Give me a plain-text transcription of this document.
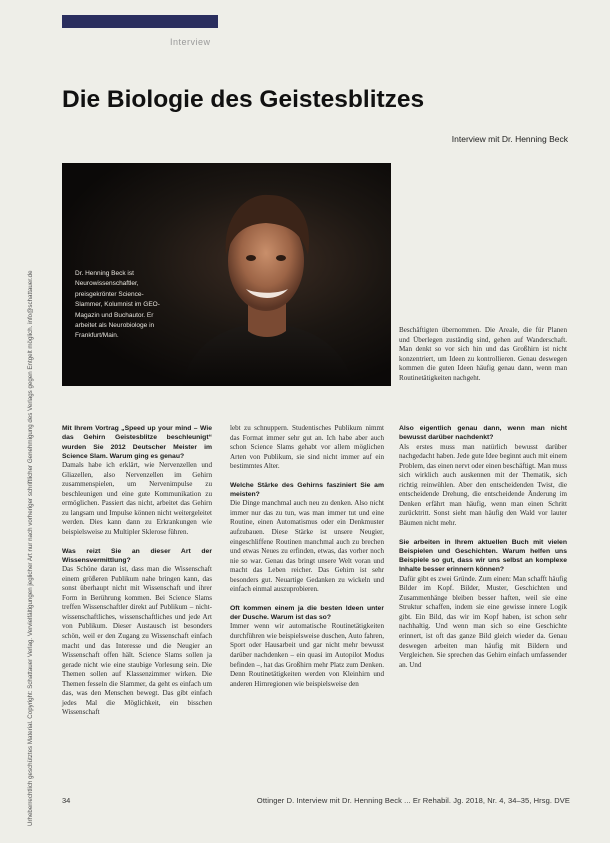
Interview
Urheberrechtlich geschütztes Material. Copyright: Schattauer Verlag. Vervielfältigungen jeglicher Art nur nach vorheriger schriftlicher Genehmigung des Verlags gegen Entgelt möglich. info@schattauer.de
Die Biologie des Geistesblitzes
Interview mit Dr. Henning Beck
Dr. Henning Beck ist Neurowissenschaftler, preisgekrönter Science-Slammer, Kolumnist im GEO-Magazin und Buchautor. Er arbeitet als Neurobiologe in Frankfurt/Main.

Beschäftigten übernommen. Die Areale, die für Planen und Überlegen zuständig sind, gehen auf Wanderschaft. Man denkt so vor sich hin und das Großhirn ist nicht konzentriert, um Ideen zu kontrollieren. Genau deswegen kommen die guten Ideen häufig genau dann, wenn man Routinetätigkeiten nachgeht.

Mit Ihrem Vortrag „Speed up your mind – Wie das Gehirn Geistesblitze beschleunigt“ wurden Sie 2012 Deutscher Meister im Science Slam. Warum ging es genau?

Damals habe ich erklärt, wie Nervenzellen und Gliazellen, also Nervenzellen im Gehirn zusammenspielen, um Nervenimpulse zu beschleunigen und eine gute Kommunikation zu ermöglichen. Passiert das nicht, arbeitet das Gehirn zu langsam und Impulse können nicht weitergeleitet werden. Dies kann dann zu Erkrankungen wie beispielsweise zu Multipler Sklerose führen.

Was reizt Sie an dieser Art der Wissensvermittlung?

Das Schöne daran ist, dass man die Wissenschaft einem größeren Publikum nahe bringen kann, das sonst überhaupt nicht mit Wissenschaft und ihrer Form in Berührung kommen. Bei Science Slams treffen Wissenschaftler direkt auf Publikum – nicht-wissenschaftliches, wissenschaftliches und jede Art von Publikum. Dieser Austausch ist besonders schön, weil er den Zugang zu Wissenschaft einfach macht und das Interesse und die Neugier an Wissenschaft offen hält. Science Slams sollen ja gerade nicht wie eine staubige Vorlesung sein. Die Themen sollen auf Klassenzimmer wirken. Die Themen fesseln die Slammer, da geht es einfach um das, was den Menschen bewegt. Das gibt einfach jedes Mal die Möglichkeit, ein bisschen Wissenschaft

lebt zu schnuppern. Studentisches Publikum nimmt das Format immer sehr gut an. Ich habe aber auch schon Science Slams gehabt vor allem möglichen Arten von Publikum, sie sind nicht immer auf ein bestimmtes Alter.

Welche Stärke des Gehirns fasziniert Sie am meisten?

Die Dinge manchmal auch neu zu denken. Also nicht immer nur das zu tun, was man immer tut und eine Routine, einen Automatismus oder ein Denkmuster aufzubauen. Diese Stärke ist unsere Neugier, eingeschliffene Routinen manchmal auch zu brechen und etwas Neues zu erfinden, etwas, das vorher noch nie so war. Genau das bringt unsere Welt voran und macht das Leben reicher. Das Gehirn ist sehr besonders gut. Neuartige Gedanken zu wickeln und einfach einmal auszuprobieren.

Oft kommen einem ja die besten Ideen unter der Dusche. Warum ist das so?

Immer wenn wir automatische Routinetätigkeiten durchführen wie beispielsweise duschen, Auto fahren, Sport oder Hausarbeit und gar nicht mehr bewusst darüber nachdenken – ein quasi im Autopilot Modus befinden –, hat das Großhirn mehr Platz zum Denken. Denn Routinetätigkeiten werden von Kleinhirn und anderen Hirnregionen wie beispielsweise den

Also eigentlich genau dann, wenn man nicht bewusst darüber nachdenkt?

Als erstes muss man natürlich bewusst darüber nachgedacht haben. Jede gute Idee beginnt auch mit einem Problem, das einen nervt oder einen beschäftigt. Man muss sich wirklich auch auskennen mit der Thematik, sich richtig reinwühlen. Aber den entscheidenden Twist, die entscheidende Drehung, die entscheidende Änderung im Denken erfährt man häufig, wenn man einen Schritt zurücktritt. Sonst sieht man häufig den Wald vor lauter Bäumen nicht mehr.

Sie arbeiten in Ihrem aktuellen Buch mit vielen Beispielen und Geschichten. Warum helfen uns Beispiele so gut, dass wir uns selbst an komplexe Inhalte besser erinnern können?

Dafür gibt es zwei Gründe. Zum einen: Man schafft häufig Bilder im Kopf. Bilder, Muster, Geschichten und Zusammenhänge bleiben besser haften, weil sie eine Struktur schaffen, indem sie eine gewisse innere Logik gibt. Ein Bild, das wir im Kopf haben, ist schon sehr nachhaltig. Und wenn man sich so eine Geschichte erinnert, ist oft das ganze Bild gleich wieder da. Genau deswegen arbeiten man häufig mit Bildern und Vergleichen. Sie sprechen das Gehirn einfach umfassender an. Und

34	Ottinger D. Interview mit Dr. Henning Beck ... Er Rehabil. Jg. 2018, Nr. 4, 34–35, Hrsg. DVE
